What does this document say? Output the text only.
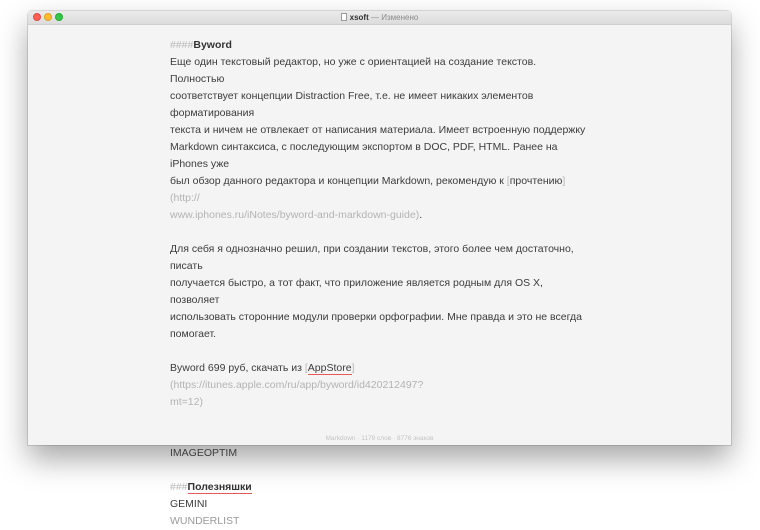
xsoft — Изменено

####Byword

Еще один текстовый редактор, но уже с ориентацией на создание текстов. Полностью
соответствует концепции Distraction Free, т.е. не имеет никаких элементов форматирования
текста и ничем не отвлекает от написания материала. Имеет встроенную поддержку
Markdown синтаксиса, с последующим экспортом в DOC, PDF, HTML. Ранее на iPhones уже
был обзор данного редактора и концепции Markdown, рекомендую к [прочтению](http://
www.iphones.ru/iNotes/byword-and-markdown-guide).

Для себя я однозначно решил, при создании текстов, этого более чем достаточно, писать
получается быстро, а тот факт, что приложение является родным для OS X, позволяет
использовать сторонние модули проверки орфографии. Мне правда и это не всегда
помогает.

Byword 699 руб, скачать из [AppStore](https://itunes.apple.com/ru/app/byword/id420212497?
mt=12)

IMAGEOPTIM

###Полезняшки

GEMINI

WUNDERLIST

Markdown · 1179 слов · 8776 знаков
